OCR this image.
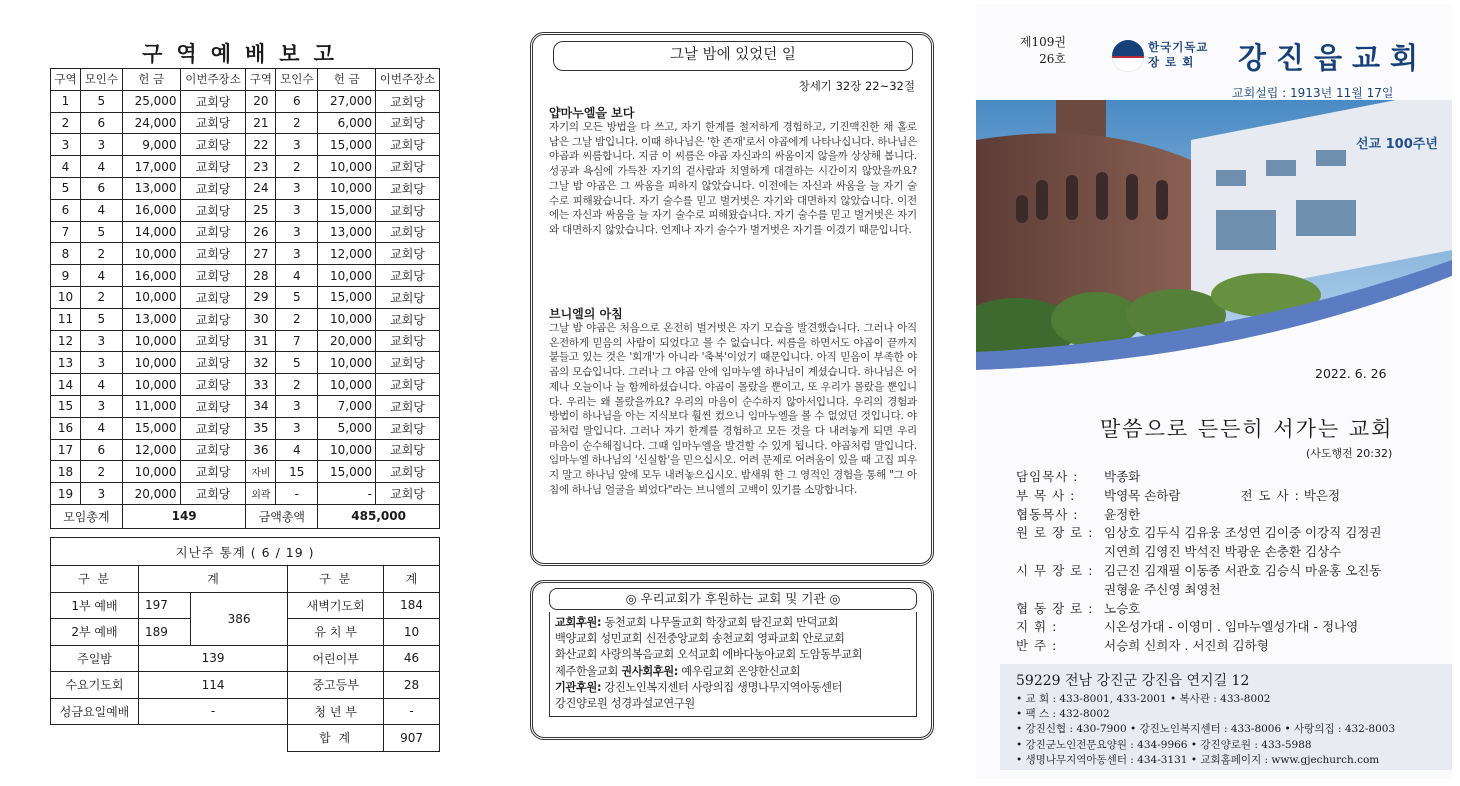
구역예배보고
구역	모인수	헌 금	이번주장소	구역	모인수	헌 금	이번주장소
1	5	25,000	교회당	20	6	27,000	교회당
2	6	24,000	교회당	21	2	6,000	교회당
3	3	9,000	교회당	22	3	15,000	교회당
4	4	17,000	교회당	23	2	10,000	교회당
5	6	13,000	교회당	24	3	10,000	교회당
6	4	16,000	교회당	25	3	15,000	교회당
7	5	14,000	교회당	26	3	13,000	교회당
8	2	10,000	교회당	27	3	12,000	교회당
9	4	16,000	교회당	28	4	10,000	교회당
10	2	10,000	교회당	29	5	15,000	교회당
11	5	13,000	교회당	30	2	10,000	교회당
12	3	10,000	교회당	31	7	20,000	교회당
13	3	10,000	교회당	32	5	10,000	교회당
14	4	10,000	교회당	33	2	10,000	교회당
15	3	11,000	교회당	34	3	7,000	교회당
16	4	15,000	교회당	35	3	5,000	교회당
17	6	12,000	교회당	36	4	10,000	교회당
18	2	10,000	교회당	자비	15	15,000	교회당
19	3	20,000	교회당	외곽	-	-	교회당
모임총계		149		금액총액		485,000	
지난주 통계 ( 6 / 19 )				
구 분	계		구 분	계
1부 예배	197	386	새벽기도회	184
2부 예배	189		유 치 부	10
주일밤	139		어린이부	46
수요기도회	114		중고등부	28
성금요일예배	-		청 년 부	-
			합 계	907
그날 밤에 있었던 일
창세기 32장 22~32절
얍마누엘을 보다
자기의 모든 방법을 다 쓰고, 자기 한계를 철저하게 경험하고, 기진맥진한 채 홀로 남은 그날 밤입니다. 이때 하나님은 '한 존재'로서 야곱에게 나타나십니다. 하나님은 야곱과 씨름합니다. 지금 이 씨름은 야곱 자신과의 싸움이지 않을까 상상해 봅니다. 성공과 욕심에 가득찬 자기의 겉사람과 치열하게 대결하는 시간이지 않았을까요? 그날 밤 야곱은 그 싸움을 피하지 않았습니다. 이전에는 자신과 싸움을 늘 자기 술수로 피해왔습니다. 자기 술수를 믿고 벌거벗은 자기와 대면하지 않았습니다. 이전에는 자신과 싸움을 늘 자기 술수로 피해왔습니다. 자기 술수를 믿고 벌거벗은 자기와 대면하지 않았습니다. 언제나 자기 술수가 벌거벗은 자기를 이겼기 때문입니다.
브니엘의 아침
그날 밤 야곱은 처음으로 온전히 벌거벗은 자기 모습을 발견했습니다. 그러나 아직 온전하게 믿음의 사람이 되었다고 볼 수 없습니다. 씨름을 하면서도 야곱이 끝까지 붙들고 있는 것은 '회개'가 아니라 '축복'이었기 때문입니다. 아직 믿음이 부족한 야곱의 모습입니다. 그러나 그 야곱 안에 임마누엘 하나님이 계셨습니다. 하나님은 어제나 오늘이나 늘 함께하셨습니다. 야곱이 몰랐을 뿐이고, 또 우리가 몰랐을 뿐입니다. 우리는 왜 몰랐을까요? 우리의 마음이 순수하지 않아서입니다. 우리의 경험과 방법이 하나님을 아는 지식보다 훨씬 컸으니 임마누엘을 볼 수 없었던 것입니다. 야곱처럼 말입니다. 그러나 자기 한계를 경험하고 모든 것을 다 내려놓게 되면 우리 마음이 순수해집니다. 그때 임마누엘을 발견할 수 있게 됩니다. 야곱처럼 말입니다. 임마누엘 하나님의 '신실함'을 믿으십시오. 어려 문제로 어려움이 있을 때 고집 피우지 말고 하나님 앞에 모두 내려놓으십시오. 밤새워 한 그 영적인 경험을 통해 "그 아침에 하나님 얼굴을 뵈었다"라는 브니엘의 고백이 있기를 소망합니다.
◎ 우리교회가 후원하는 교회 및 기관 ◎
교회후원: 동천교회 나무돌교회 학장교회 탐진교회 만덕교회
백양교회 성민교회 신전중앙교회 송천교회 영파교회 안로교회
화산교회 사랑의복음교회 오석교회 에바다농아교회 도암동부교회
제주한울교회 권사회후원: 예우림교회 온양한신교회
기관후원: 강진노인복지센터 사랑의집 생명나무지역아동센터
강진양로원 성경과설교연구원
제109권
26호
한국기독교
장 로 회	강진읍교회
교회설립 : 1913년 11월 17일
선교 100주년
2022. 6. 26
말씀으로 든든히 서가는 교회
(사도행전 20:32)
담임목사 :	박종화
부 목 사 :	박영목 손하람	전 도 사 : 박은정
협동목사 :	윤정한
원 로 장 로 : 임상호 김두식 김유웅 조성연 김이중 이강직 김정권
지연희 김영진 박석진 박광운 손충환 김상수
시 무 장 로 : 김근진 김재필 이동종 서관호 김승식 마윤홍 오진동
권형윤 주신영 최영천
협 동 장 로 : 노승호
지 휘 :	시온성가대 - 이영미 . 임마누엘성가대 - 정나영
반 주 :	서승희 신희자 . 서진희 김하형
59229 전남 강진군 강진읍 연지길 12
• 교 회 : 433-8001, 433-2001 • 복사관 : 433-8002
• 팩 스 : 432-8002
• 강진신협 : 430-7900 • 강진노인복지센터 : 433-8006 • 사랑의집 : 432-8003
• 강진군노인전문요양원 : 434-9966 • 강진양로원 : 433-5988
• 생명나무지역아동센터 : 434-3131 • 교회홈페이지 : www.gjechurch.com
